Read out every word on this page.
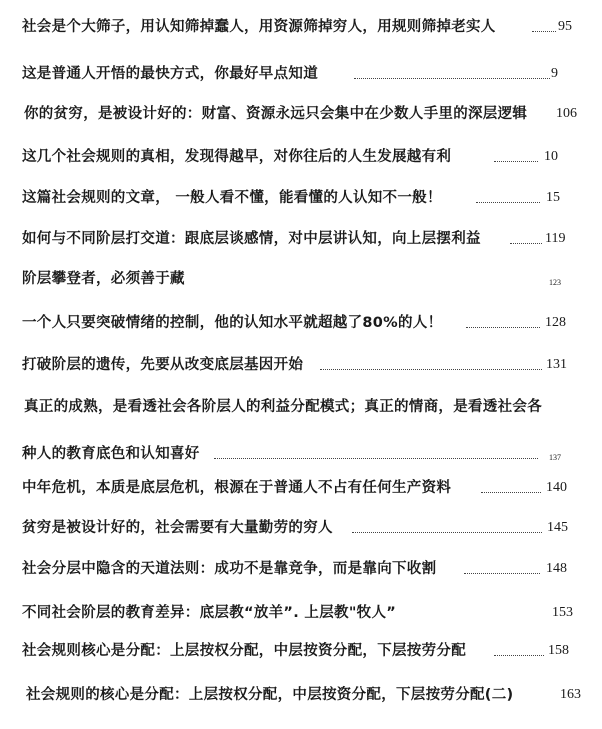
社会是个大筛子，用认知筛掉蠢人，用资源筛掉穷人，用规则筛掉老实人	95
这是普通人开悟的最快方式，你最好早点知道	9
你的贫穷，是被设计好的：财富、资源永远只会集中在少数人手里的深层逻辑 106
这几个社会规则的真相，发现得越早，对你往后的人生发展越有利	10
这篇社会规则的文章， 一般人看不懂，能看懂的人认知不一般！	15
如何与不同阶层打交道：跟底层谈感情，对中层讲认知，向上层摆利益	119
阶层攀登者，必须善于藏	123
一个人只要突破情绪的控制，他的认知水平就超越了80%的人！	128
打破阶层的遗传，先要从改变底层基因开始	131
真正的成熟，是看透社会各阶层人的利益分配模式；真正的情商，是看透社会各
种人的教育底色和认知喜好	137
中年危机，本质是底层危机，根源在于普通人不占有任何生产资料	140
贫穷是被设计好的，社会需要有大量勤劳的穷人	145
社会分层中隐含的天道法则：成功不是靠竞争，而是靠向下收割	148
不同社会阶层的教育差异：底层教“放羊”. 上层教"牧人”	153
社会规则核心是分配：上层按权分配，中层按资分配，下层按劳分配	158
社会规则的核心是分配：上层按权分配，中层按资分配，下层按劳分配(二)	163
